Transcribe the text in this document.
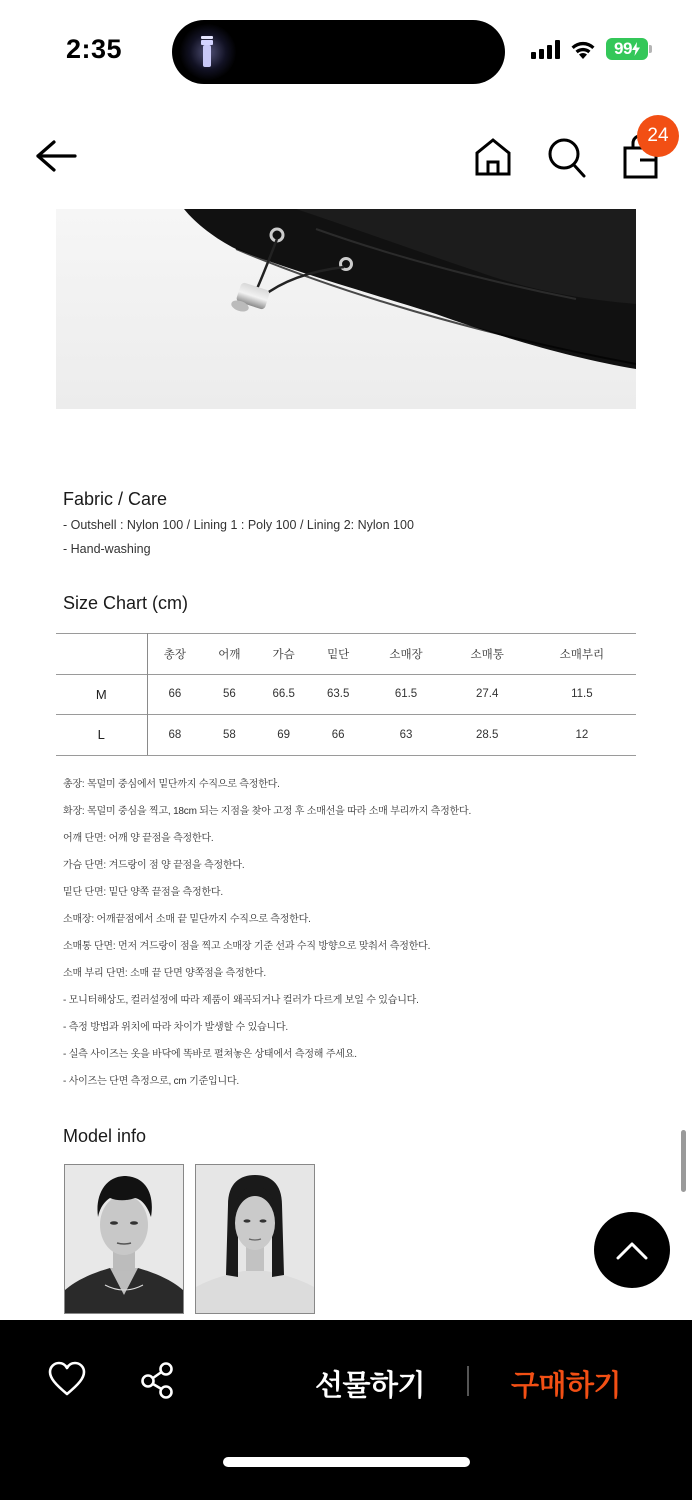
2:35	99
24
Fabric / Care
- Outshell : Nylon 100 / Lining 1 : Poly 100 / Lining 2: Nylon 100
- Hand-washing
Size Chart (cm)
	총장	어깨	가슴	밑단	소매장	소매통	소매부리
M	66	56	66.5	63.5	61.5	27.4	11.5
L	68	58	69	66	63	28.5	12
총장: 목덜미 중심에서 밑단까지 수직으로 측정한다.
화장: 목덜미 중심을 찍고, 18cm 되는 지점을 찾아 고정 후 소매선을 따라 소매 부리까지 측정한다.
어깨 단면: 어깨 양 끝점을 측정한다.
가슴 단면: 겨드랑이 점 양 끝점을 측정한다.
밑단 단면: 밑단 양쪽 끝점을 측정한다.
소매장: 어깨끝점에서 소매 끝 밑단까지 수직으로 측정한다.
소매통 단면: 먼저 겨드랑이 점을 찍고 소매장 기준 선과 수직 방향으로 맞춰서 측정한다.
소매 부리 단면: 소매 끝 단면 양쪽점을 측정한다.
- 모니터해상도, 컬러설정에 따라 제품이 왜곡되거나 컬러가 다르게 보일 수 있습니다.
- 측정 방법과 위치에 따라 차이가 발생할 수 있습니다.
- 실측 사이즈는 옷을 바닥에 똑바로 펼쳐놓은 상태에서 측정해 주세요.
- 사이즈는 단면 측정으로, cm 기준입니다.
Model info
선물하기	구매하기
